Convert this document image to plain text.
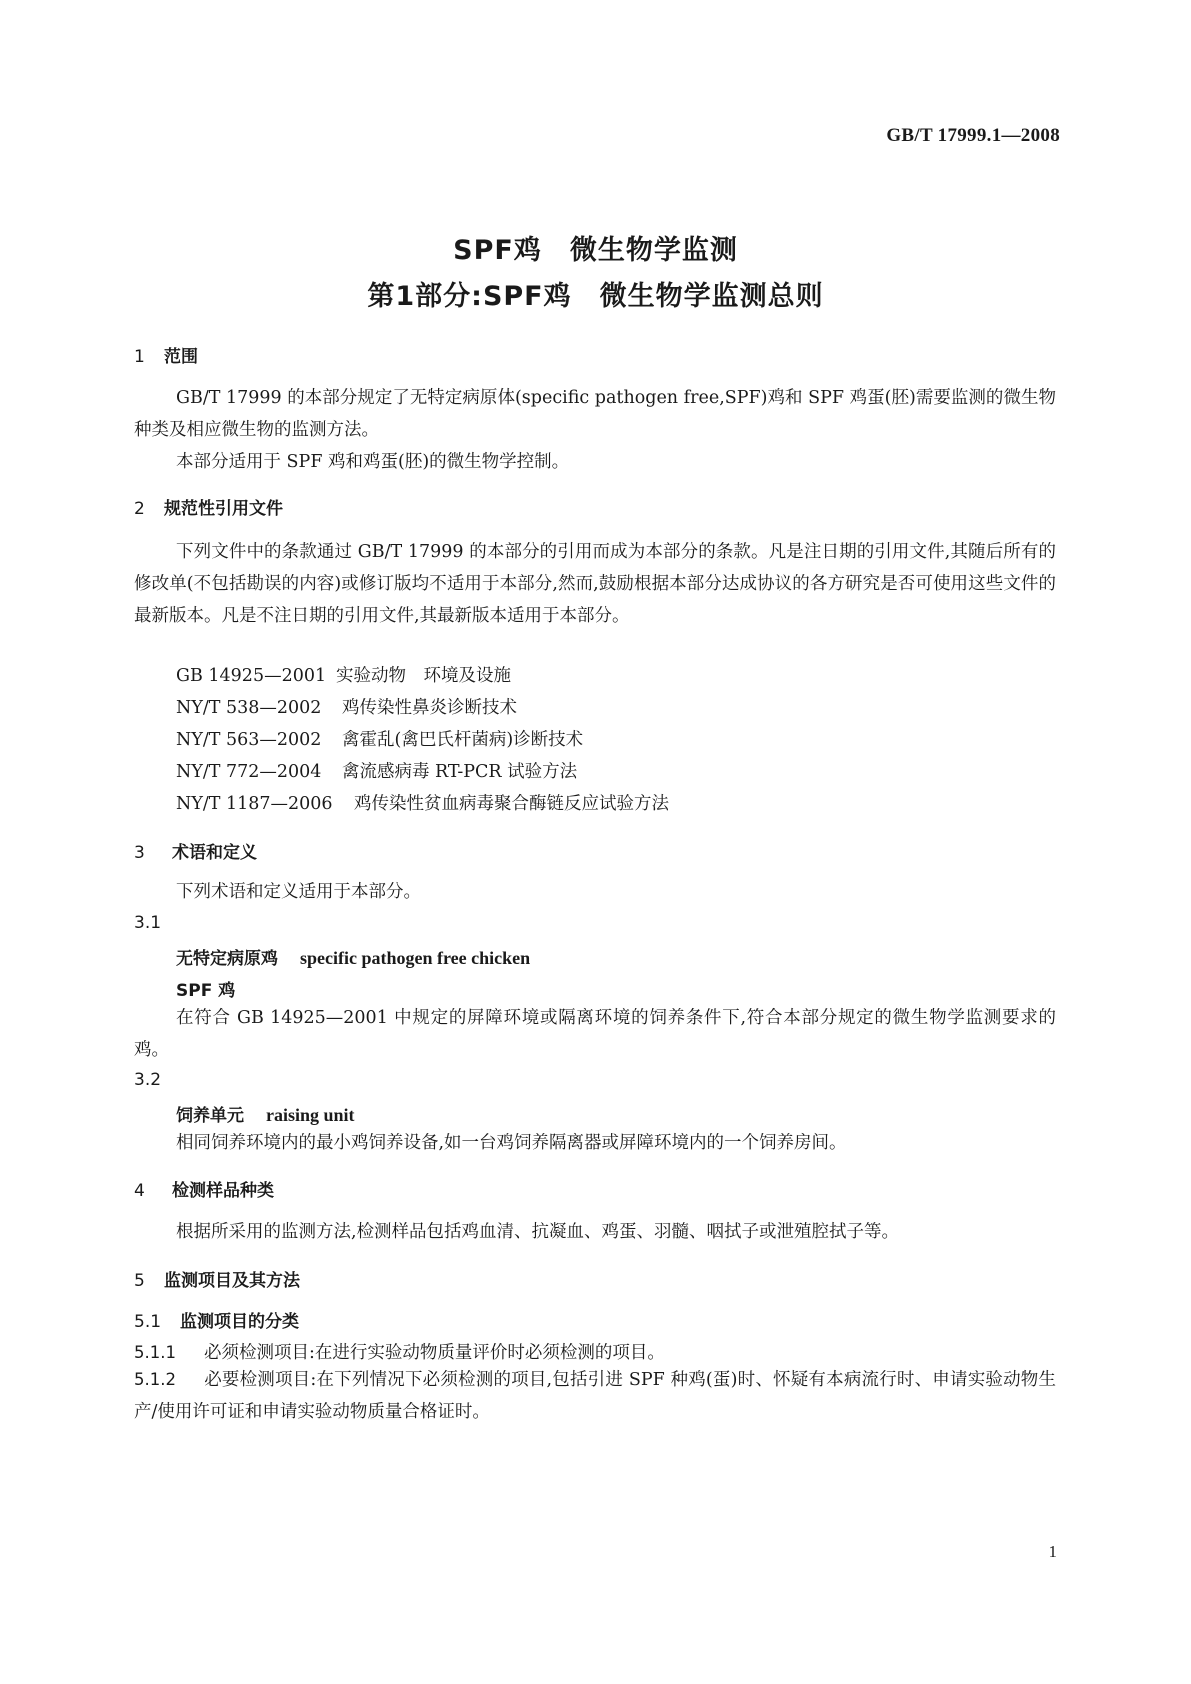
GB/T 17999.1—2008
SPF鸡　微生物学监测
第1部分:SPF鸡　微生物学监测总则
1 范围
GB/T 17999 的本部分规定了无特定病原体(specific pathogen free,SPF)鸡和 SPF 鸡蛋(胚)需要监测的微生物种类及相应微生物的监测方法。
本部分适用于 SPF 鸡和鸡蛋(胚)的微生物学控制。
2 规范性引用文件
下列文件中的条款通过 GB/T 17999 的本部分的引用而成为本部分的条款。凡是注日期的引用文件,其随后所有的修改单(不包括勘误的内容)或修订版均不适用于本部分,然而,鼓励根据本部分达成协议的各方研究是否可使用这些文件的最新版本。凡是不注日期的引用文件,其最新版本适用于本部分。
GB 14925—2001 实验动物　环境及设施
NY/T 538—2002 鸡传染性鼻炎诊断技术
NY/T 563—2002 禽霍乱(禽巴氏杆菌病)诊断技术
NY/T 772—2004 禽流感病毒 RT-PCR 试验方法
NY/T 1187—2006 鸡传染性贫血病毒聚合酶链反应试验方法
3 术语和定义
下列术语和定义适用于本部分。
3.1
无特定病原鸡 specific pathogen free chicken
SPF 鸡
在符合 GB 14925—2001 中规定的屏障环境或隔离环境的饲养条件下,符合本部分规定的微生物学监测要求的鸡。
3.2
饲养单元 raising unit
相同饲养环境内的最小鸡饲养设备,如一台鸡饲养隔离器或屏障环境内的一个饲养房间。
4 检测样品种类
根据所采用的监测方法,检测样品包括鸡血清、抗凝血、鸡蛋、羽髓、咽拭子或泄殖腔拭子等。
5 监测项目及其方法
5.1 监测项目的分类
5.1.1 必须检测项目:在进行实验动物质量评价时必须检测的项目。
5.1.2 必要检测项目:在下列情况下必须检测的项目,包括引进 SPF 种鸡(蛋)时、怀疑有本病流行时、申请实验动物生产/使用许可证和申请实验动物质量合格证时。
1
